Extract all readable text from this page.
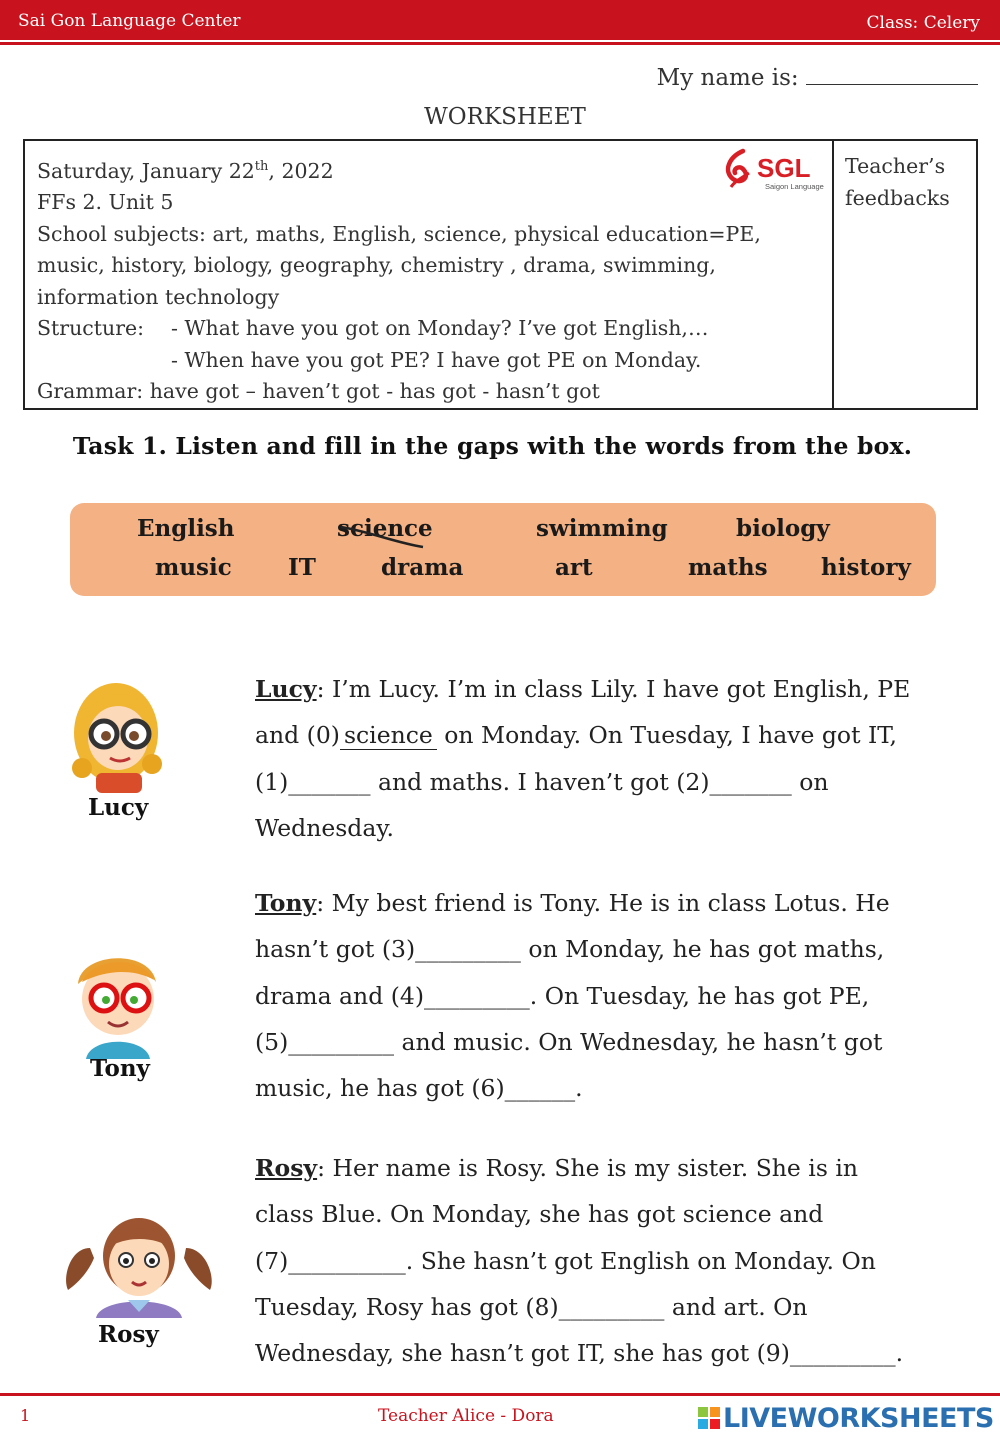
Sai Gon Language Center	Class: Celery
My name is:
WORKSHEET

Saturday, January 22th, 2022

FFs 2. Unit 5

School subjects: art, maths, English, science, physical education=PE,

music, history, biology, geography, chemistry , drama, swimming,

information technology

Structure: - What have you got on Monday? I’ve got English,…

- When have you got PE? I have got PE on Monday.

Grammar: have got – haven’t got - has got - hasn’t got

SGL
Saigon Language
Teacher’s
feedbacks
Task 1. Listen and fill in the gaps with the words from the box.
English	science	swimming	biology
music IT	drama	art	maths history
Lucy

Lucy: I’m Lucy. I’m in class Lily. I have got English, PE

and (0) science on Monday. On Tuesday, I have got IT,

(1)_______ and maths. I haven’t got (2)_______ on

Wednesday.

Tony

Tony: My best friend is Tony. He is in class Lotus. He

hasn’t got (3)_________ on Monday, he has got maths,

drama and (4)_________. On Tuesday, he has got PE,

(5)_________ and music. On Wednesday, he hasn’t got

music, he has got (6)______.

Rosy

Rosy: Her name is Rosy. She is my sister. She is in

class Blue. On Monday, she has got science and

(7)__________. She hasn’t got English on Monday. On

Tuesday, Rosy has got (8)_________ and art. On

Wednesday, she hasn’t got IT, she has got (9)_________.

1	Teacher Alice - Dora	LIVEWORKSHEETS
